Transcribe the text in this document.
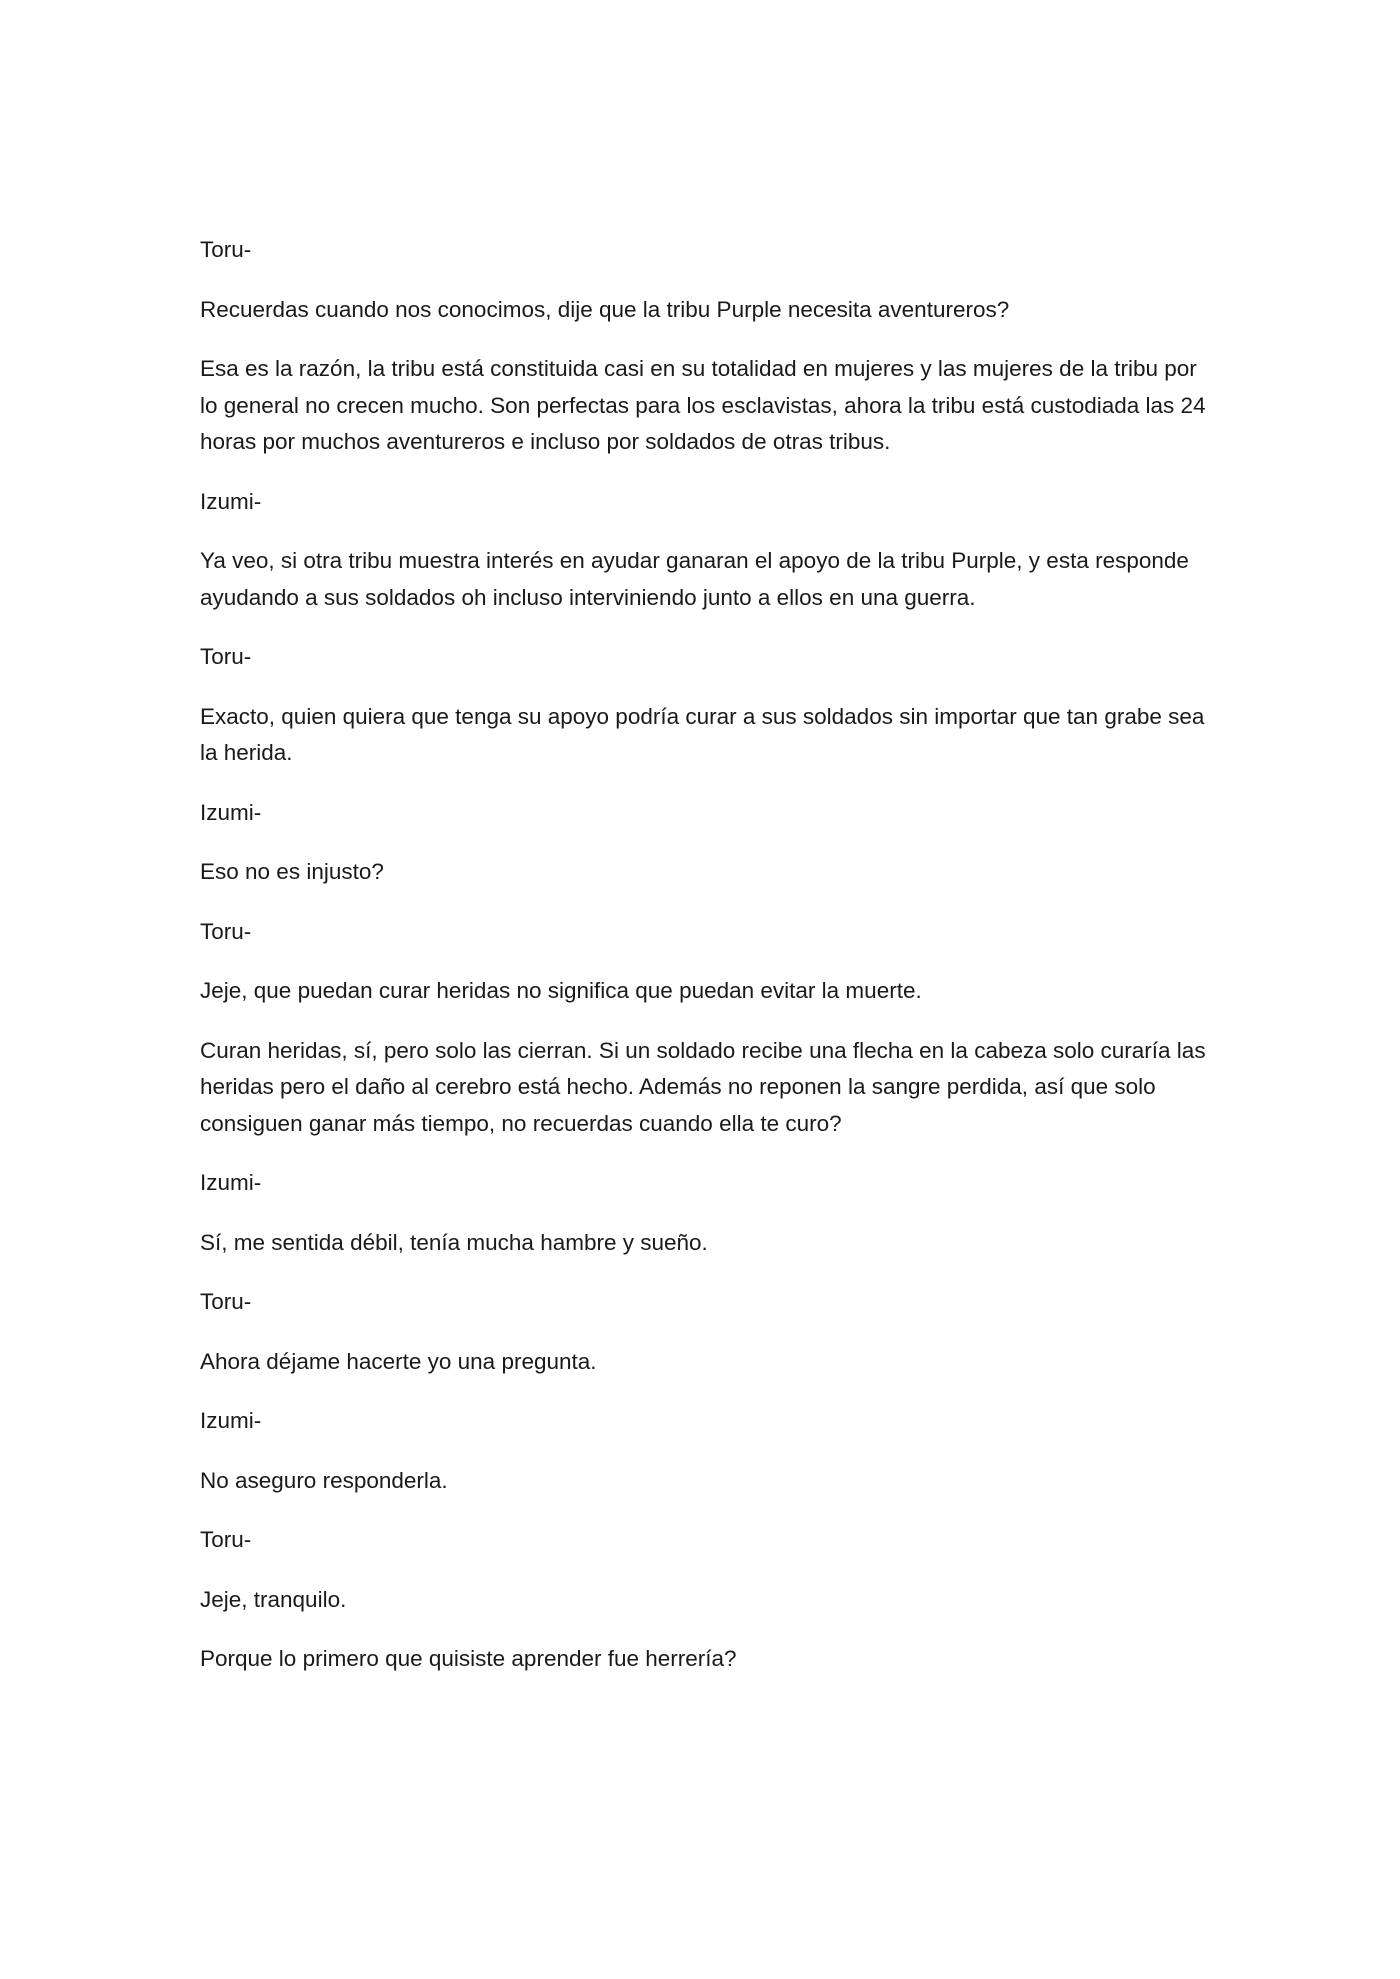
Toru-

Recuerdas cuando nos conocimos, dije que la tribu Purple necesita aventureros?

Esa es la razón, la tribu está constituida casi en su totalidad en mujeres y las mujeres de la tribu por lo general no crecen mucho. Son perfectas para los esclavistas, ahora la tribu está custodiada las 24 horas por muchos aventureros e incluso por soldados de otras tribus.

Izumi-

Ya veo, si otra tribu muestra interés en ayudar ganaran el apoyo de la tribu Purple, y esta responde ayudando a sus soldados oh incluso interviniendo junto a ellos en una guerra.

Toru-

Exacto, quien quiera que tenga su apoyo podría curar a sus soldados sin importar que tan grabe sea la herida.

Izumi-

Eso no es injusto?

Toru-

Jeje, que puedan curar heridas no significa que puedan evitar la muerte.

Curan heridas, sí, pero solo las cierran. Si un soldado recibe una flecha en la cabeza solo curaría las heridas pero el daño al cerebro está hecho. Además no reponen la sangre perdida, así que solo consiguen ganar más tiempo, no recuerdas cuando ella te curo?

Izumi-

Sí, me sentida débil, tenía mucha hambre y sueño.

Toru-

Ahora déjame hacerte yo una pregunta.

Izumi-

No aseguro responderla.

Toru-

Jeje, tranquilo.

Porque lo primero que quisiste aprender fue herrería?
